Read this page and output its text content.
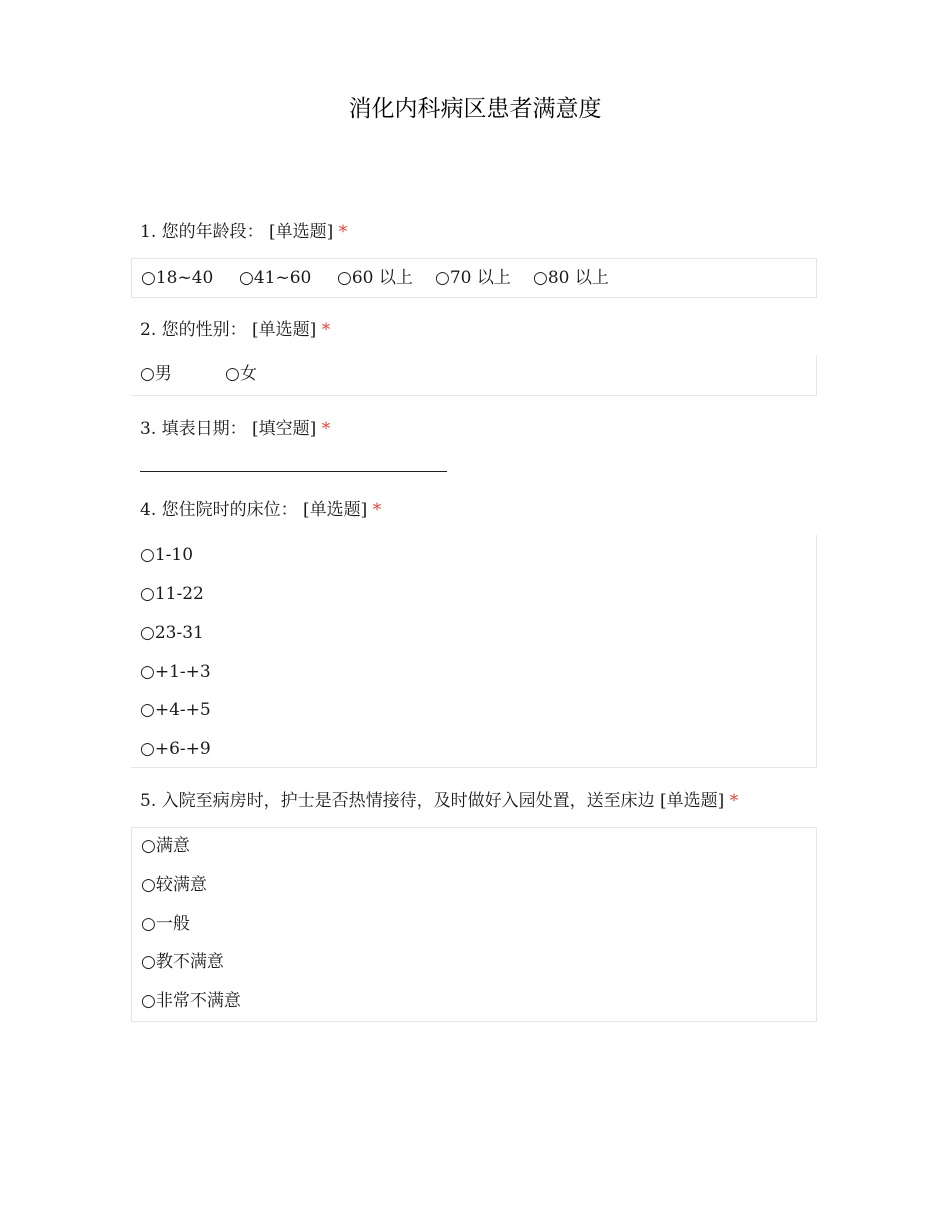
消化内科病区患者满意度
1. 您的年龄段： [单选题] *
○18~40 ○41~60 ○60 以上 ○70 以上 ○80 以上
2. 您的性别： [单选题] *
○男	○女
3. 填表日期： [填空题] *
4. 您住院时的床位： [单选题] *
○1-10
○11-22
○23-31
○+1-+3
○+4-+5
○+6-+9
5. 入院至病房时，护士是否热情接待，及时做好入园处置，送至床边 [单选题] *
○满意
○较满意
○一般
○教不满意
○非常不满意
